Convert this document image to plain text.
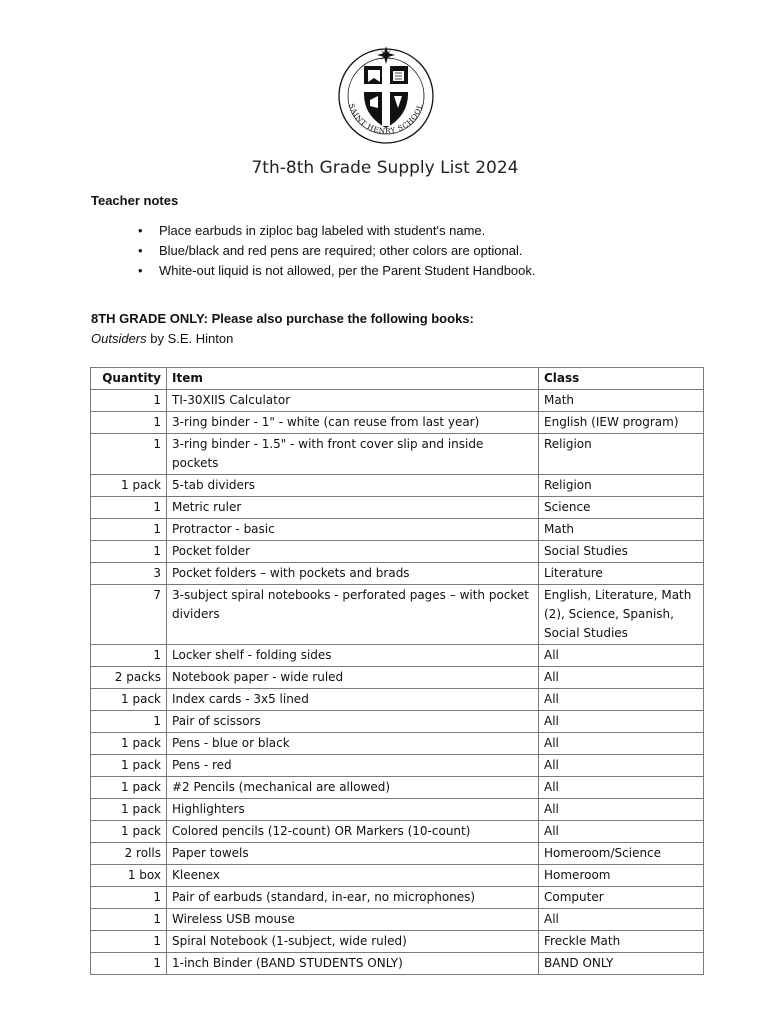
SAINT HENRY SCHOOL
7th-8th Grade Supply List 2024
Teacher notes
• Place earbuds in ziploc bag labeled with student's name.
• Blue/black and red pens are required; other colors are optional.
• White-out liquid is not allowed, per the Parent Student Handbook.
8TH GRADE ONLY: Please also purchase the following books:
Outsiders by S.E. Hinton
Quantity	Item	Class
1	TI-30XIIS Calculator	Math
1	3-ring binder - 1" - white (can reuse from last year)	English (IEW program)
1	3-ring binder - 1.5" - with front cover slip and inside pockets	Religion
1 pack	5-tab dividers	Religion
1	Metric ruler	Science
1	Protractor - basic	Math
1	Pocket folder	Social Studies
3	Pocket folders – with pockets and brads	Literature
7	3-subject spiral notebooks - perforated pages – with pocket dividers	English, Literature, Math (2), Science, Spanish, Social Studies
1	Locker shelf - folding sides	All
2 packs	Notebook paper - wide ruled	All
1 pack	Index cards - 3x5 lined	All
1	Pair of scissors	All
1 pack	Pens - blue or black	All
1 pack	Pens - red	All
1 pack	#2 Pencils (mechanical are allowed)	All
1 pack	Highlighters	All
1 pack	Colored pencils (12-count) OR Markers (10-count)	All
2 rolls	Paper towels	Homeroom/Science
1 box	Kleenex	Homeroom
1	Pair of earbuds (standard, in-ear, no microphones)	Computer
1	Wireless USB mouse	All
1	Spiral Notebook (1-subject, wide ruled)	Freckle Math
1	1-inch Binder (BAND STUDENTS ONLY)	BAND ONLY
